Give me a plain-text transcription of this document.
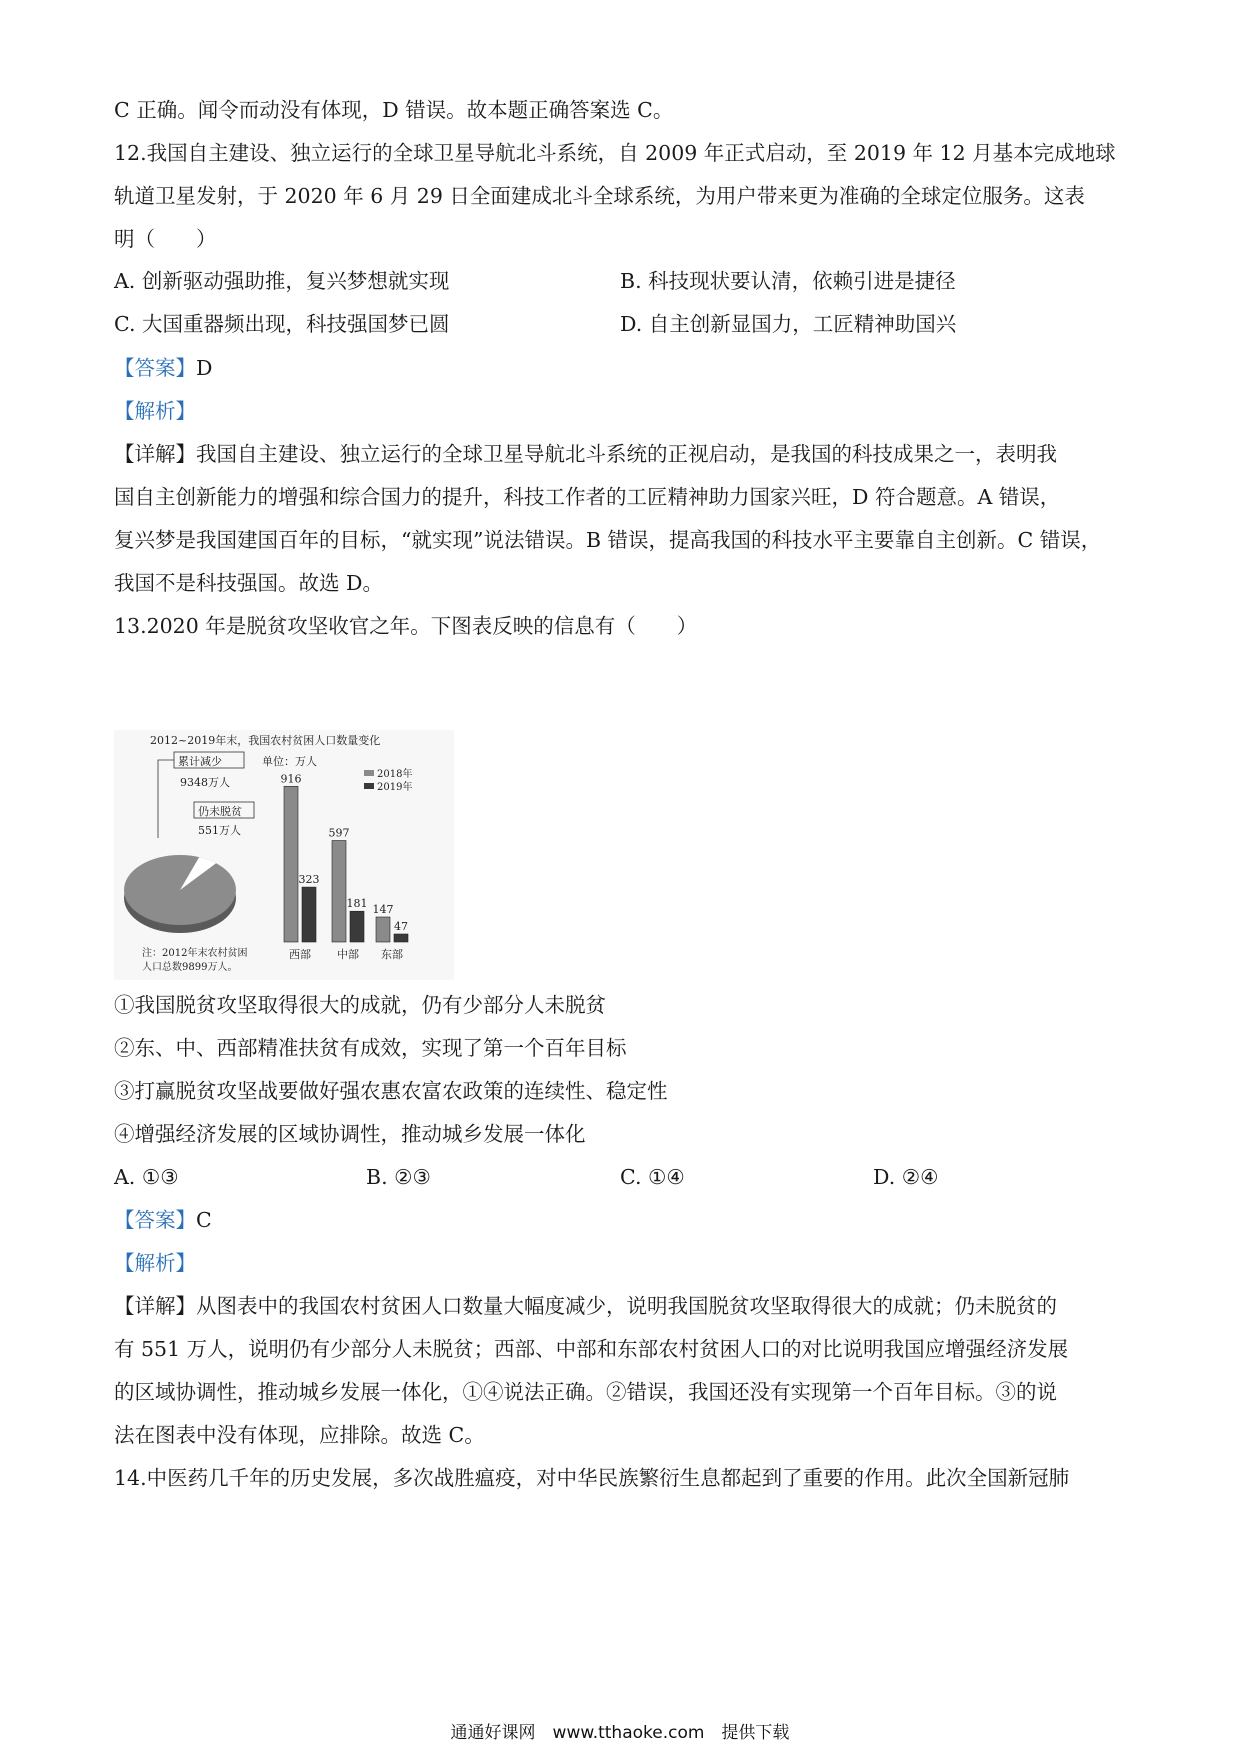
C 正确。闻令而动没有体现，D 错误。故本题正确答案选 C。
12.我国自主建设、独立运行的全球卫星导航北斗系统，自 2009 年正式启动，至 2019 年 12 月基本完成地球
轨道卫星发射，于 2020 年 6 月 29 日全面建成北斗全球系统，为用户带来更为准确的全球定位服务。这表
明（　　）
A. 创新驱动强助推，复兴梦想就实现	B. 科技现状要认清，依赖引进是捷径
C. 大国重器频出现，科技强国梦已圆	D. 自主创新显国力，工匠精神助国兴
【答案】D
【解析】
【详解】我国自主建设、独立运行的全球卫星导航北斗系统的正视启动，是我国的科技成果之一，表明我
国自主创新能力的增强和综合国力的提升，科技工作者的工匠精神助力国家兴旺，D 符合题意。A 错误，
复兴梦是我国建国百年的目标，“就实现”说法错误。B 错误，提高我国的科技水平主要靠自主创新。C 错误，
我国不是科技强国。故选 D。
13.2020 年是脱贫攻坚收官之年。下图表反映的信息有（　　）
2012~2019年末，我国农村贫困人口数量变化
累计减少	单位：万人
9348万人
仍未脱贫
551万人
2018年
2019年
916
323
597
181 147
47
西部 中部 东部
注：2012年末农村贫困
人口总数9899万人。
①我国脱贫攻坚取得很大的成就，仍有少部分人未脱贫
②东、中、西部精准扶贫有成效，实现了第一个百年目标
③打赢脱贫攻坚战要做好强农惠农富农政策的连续性、稳定性
④增强经济发展的区域协调性，推动城乡发展一体化
A. ①③	B. ②③	C. ①④	D. ②④
【答案】C
【解析】
【详解】从图表中的我国农村贫困人口数量大幅度减少，说明我国脱贫攻坚取得很大的成就；仍未脱贫的
有 551 万人，说明仍有少部分人未脱贫；西部、中部和东部农村贫困人口的对比说明我国应增强经济发展
的区域协调性，推动城乡发展一体化，①④说法正确。②错误，我国还没有实现第一个百年目标。③的说
法在图表中没有体现，应排除。故选 C。
14.中医药几千年的历史发展，多次战胜瘟疫，对中华民族繁衍生息都起到了重要的作用。此次全国新冠肺
通通好课网　www.tthaoke.com　提供下载
